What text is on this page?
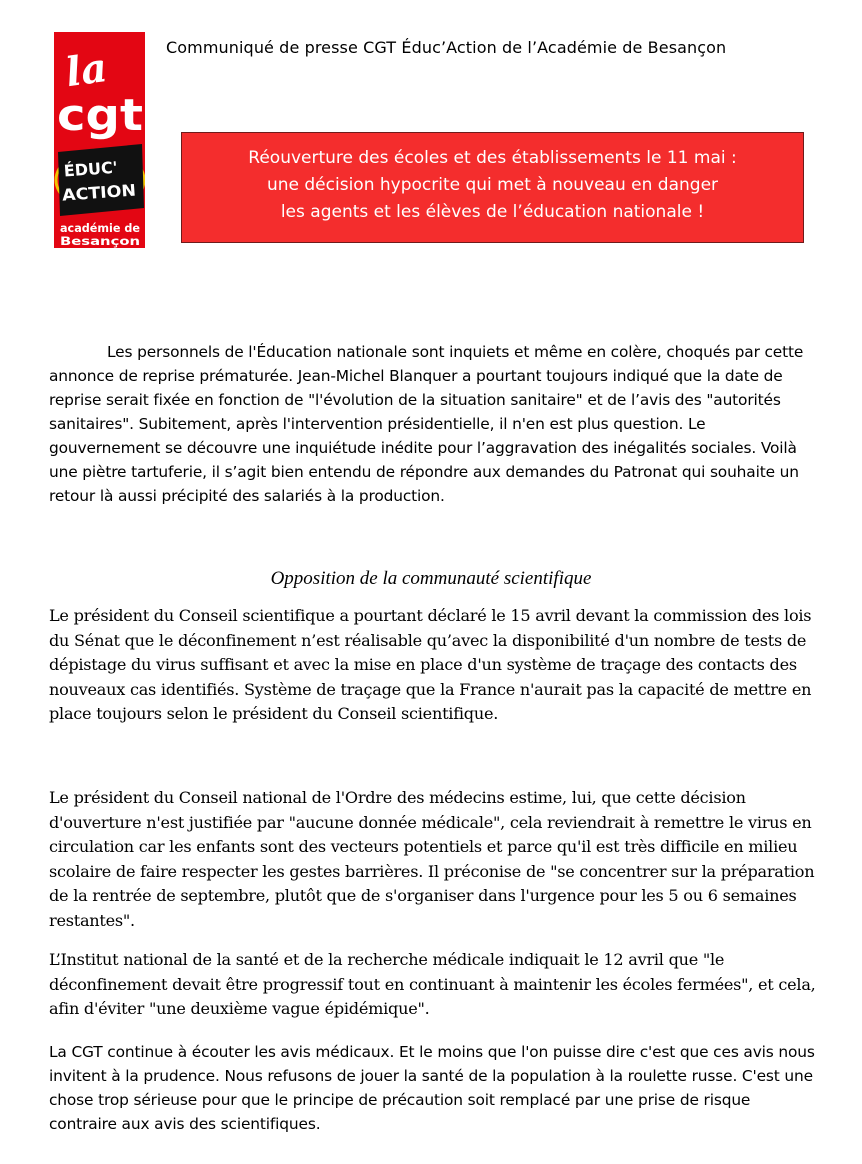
la
cgt
ÉDUC'
ACTION
académie de
Besançon
Communiqué de presse CGT Éduc’Action de l’Académie de Besançon
Réouverture des écoles et des établissements le 11 mai :
une décision hypocrite qui met à nouveau en danger
les agents et les élèves de l’éducation nationale !

Les personnels de l'Éducation nationale sont inquiets et même en colère, choqués par cette annonce de reprise prématurée. Jean-Michel Blanquer a pourtant toujours indiqué que la date de reprise serait fixée en fonction de "l'évolution de la situation sanitaire" et de l’avis des "autorités sanitaires". Subitement, après l'intervention présidentielle, il n'en est plus question. Le gouvernement se découvre une inquiétude inédite pour l’aggravation des inégalités sociales. Voilà une piètre tartuferie, il s’agit bien entendu de répondre aux demandes du Patronat qui souhaite un retour là aussi précipité des salariés à la production.

Opposition de la communauté scientifique

Le président du Conseil scientifique a pourtant déclaré le 15 avril devant la commission des lois du Sénat que le déconfinement n’est réalisable qu’avec la disponibilité d'un nombre de tests de dépistage du virus suffisant et avec la mise en place d'un système de traçage des contacts des nouveaux cas identifiés. Système de traçage que la France n'aurait pas la capacité de mettre en place toujours selon le président du Conseil scientifique.

Le président du Conseil national de l'Ordre des médecins estime, lui, que cette décision d'ouverture n'est justifiée par "aucune donnée médicale", cela reviendrait à remettre le virus en circulation car les enfants sont des vecteurs potentiels et parce qu'il est très difficile en milieu scolaire de faire respecter les gestes barrières. Il préconise de "se concentrer sur la préparation de la rentrée de septembre, plutôt que de s'organiser dans l'urgence pour les 5 ou 6 semaines restantes".

L’Institut national de la santé et de la recherche médicale indiquait le 12 avril que "le déconfinement devait être progressif tout en continuant à maintenir les écoles fermées", et cela, afin d'éviter "une deuxième vague épidémique".

La CGT continue à écouter les avis médicaux. Et le moins que l'on puisse dire c'est que ces avis nous invitent à la prudence. Nous refusons de jouer la santé de la population à la roulette russe. C'est une chose trop sérieuse pour que le principe de précaution soit remplacé par une prise de risque contraire aux avis des scientifiques.
